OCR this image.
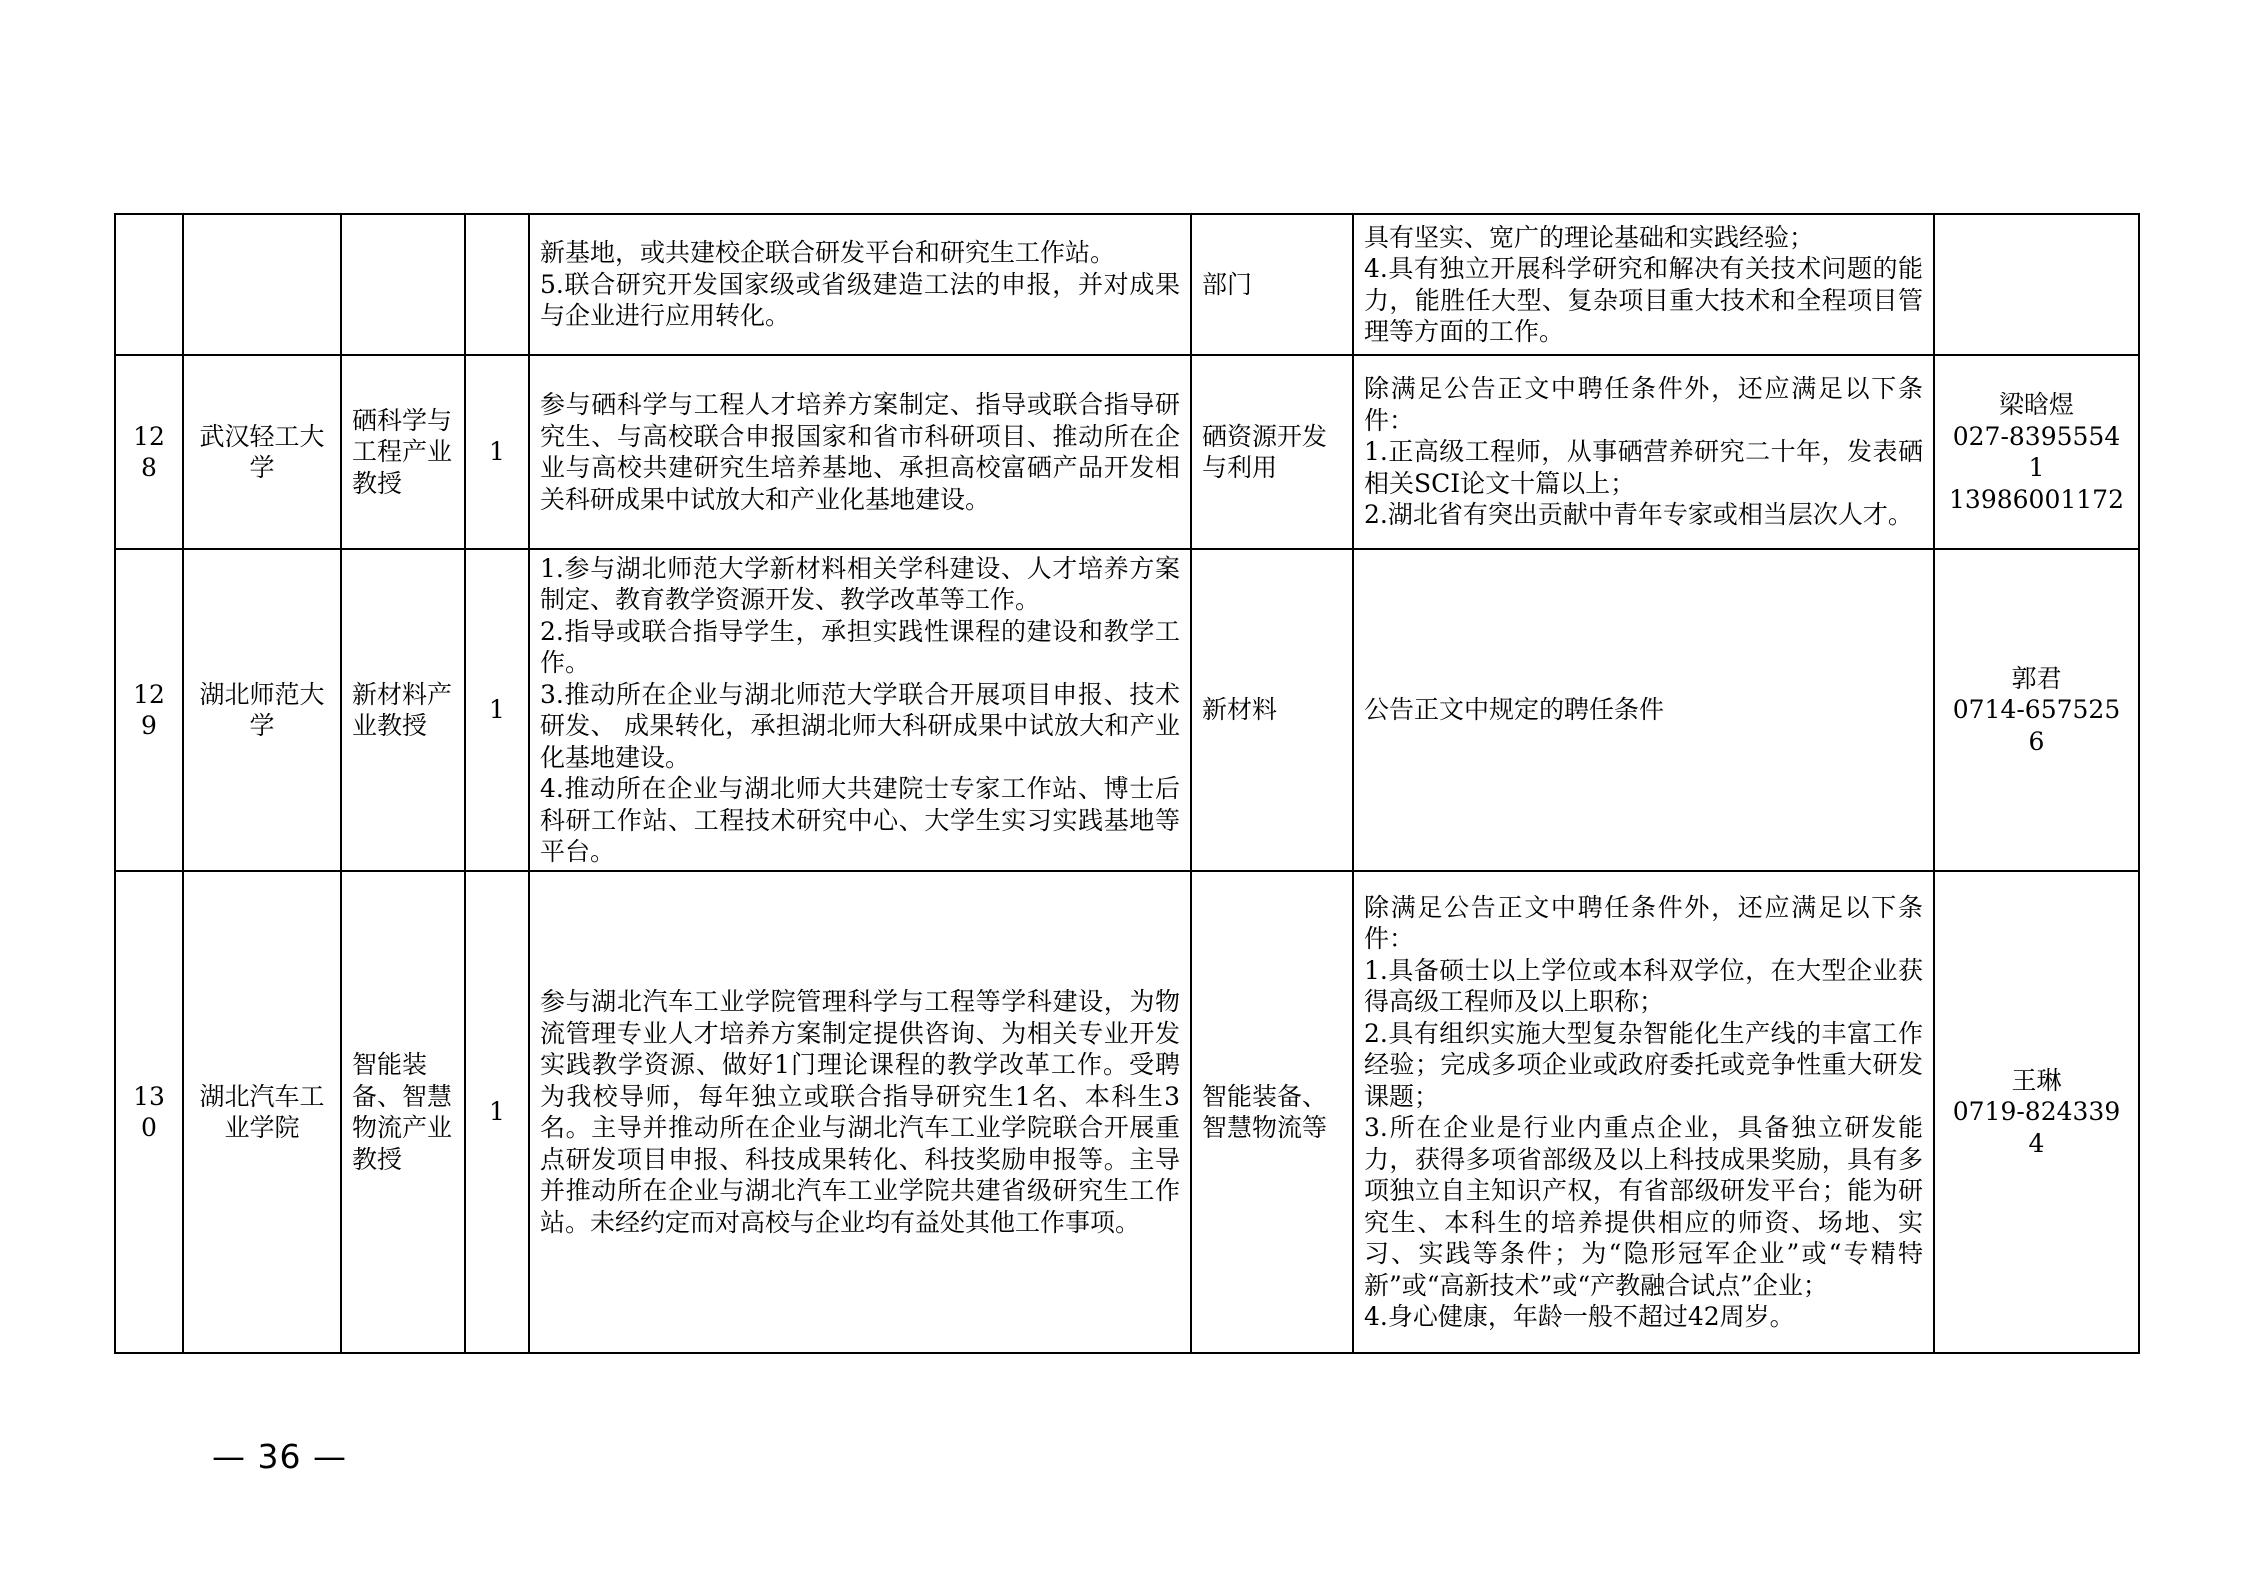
				新基地，或共建校企联合研发平台和研究生工作站。
5.联合研究开发国家级或省级建造工法的申报，并对成果与企业进行应用转化。	部门	具有坚实、宽广的理论基础和实践经验；
4.具有独立开展科学研究和解决有关技术问题的能力，能胜任大型、复杂项目重大技术和全程项目管理等方面的工作。	

128	武汉轻工大学	硒科学与工程产业教授	1	参与硒科学与工程人才培养方案制定、指导或联合指导研究生、与高校联合申报国家和省市科研项目、推动所在企业与高校共建研究生培养基地、承担高校富硒产品开发相关科研成果中试放大和产业化基地建设。	硒资源开发与利用	除满足公告正文中聘任条件外，还应满足以下条件：
1.正高级工程师，从事硒营养研究二十年，发表硒相关SCI论文十篇以上；
2.湖北省有突出贡献中青年专家或相当层次人才。	梁晗煜
027-83955541
13986001172

129	湖北师范大学	新材料产业教授	1	1.参与湖北师范大学新材料相关学科建设、人才培养方案制定、教育教学资源开发、教学改革等工作。
2.指导或联合指导学生，承担实践性课程的建设和教学工作。
3.推动所在企业与湖北师范大学联合开展项目申报、技术研发、 成果转化，承担湖北师大科研成果中试放大和产业化基地建设。
4.推动所在企业与湖北师大共建院士专家工作站、博士后科研工作站、工程技术研究中心、大学生实习实践基地等平台。	新材料	公告正文中规定的聘任条件	郭君
0714-6575256

130	湖北汽车工业学院	智能装备、智慧物流产业教授	1	参与湖北汽车工业学院管理科学与工程等学科建设，为物流管理专业人才培养方案制定提供咨询、为相关专业开发实践教学资源、做好1门理论课程的教学改革工作。受聘为我校导师，每年独立或联合指导研究生1名、本科生3名。主导并推动所在企业与湖北汽车工业学院联合开展重点研发项目申报、科技成果转化、科技奖励申报等。主导并推动所在企业与湖北汽车工业学院共建省级研究生工作站。未经约定而对高校与企业均有益处其他工作事项。	智能装备、智慧物流等	除满足公告正文中聘任条件外，还应满足以下条件：
1.具备硕士以上学位或本科双学位，在大型企业获得高级工程师及以上职称；
2.具有组织实施大型复杂智能化生产线的丰富工作经验；完成多项企业或政府委托或竞争性重大研发课题；
3.所在企业是行业内重点企业，具备独立研发能力，获得多项省部级及以上科技成果奖励，具有多项独立自主知识产权，有省部级研发平台；能为研究生、本科生的培养提供相应的师资、场地、实习、实践等条件；为“隐形冠军企业”或“专精特新”或“高新技术”或“产教融合试点”企业；
4.身心健康，年龄一般不超过42周岁。	王琳
0719-8243394
— 36 —
